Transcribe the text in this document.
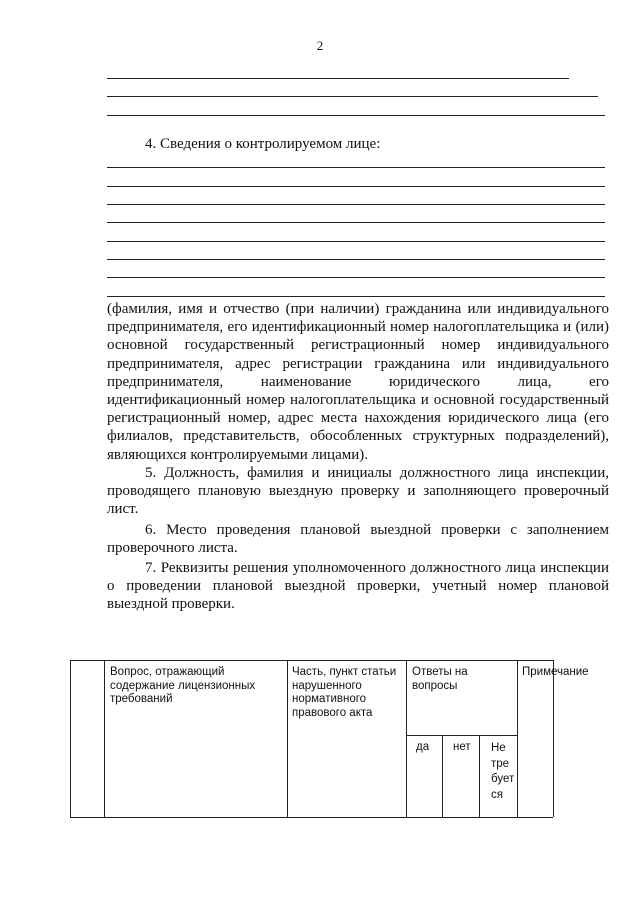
2
4. Сведения о контролируемом лице:
(фамилия, имя и отчество (при наличии) гражданина или индивидуального предпринимателя, его идентификационный номер налогоплательщика и (или) основной государственный регистрационный номер индивидуального предпринимателя, адрес регистрации гражданина или индивидуального предпринимателя, наименование юридического лица, его идентификационный номер налогоплательщика и основной государственный регистрационный номер, адрес места нахождения юридического лица (его филиалов, представительств, обособленных структурных подразделений), являющихся контролируемыми лицами).
5. Должность, фамилия и инициалы должностного лица инспекции, проводящего плановую выездную проверку и заполняющего проверочный лист.
6. Место проведения плановой выездной проверки с заполнением проверочного листа.
7. Реквизиты решения уполномоченного должностного лица инспекции о проведении плановой выездной проверки, учетный номер плановой выездной проверки.
Вопрос, отражающий содержание лицензионных требований
Часть, пункт статьи нарушенного нормативного правового акта
Ответы на вопросы
Примечание
да	нет	Не тре бует ся
